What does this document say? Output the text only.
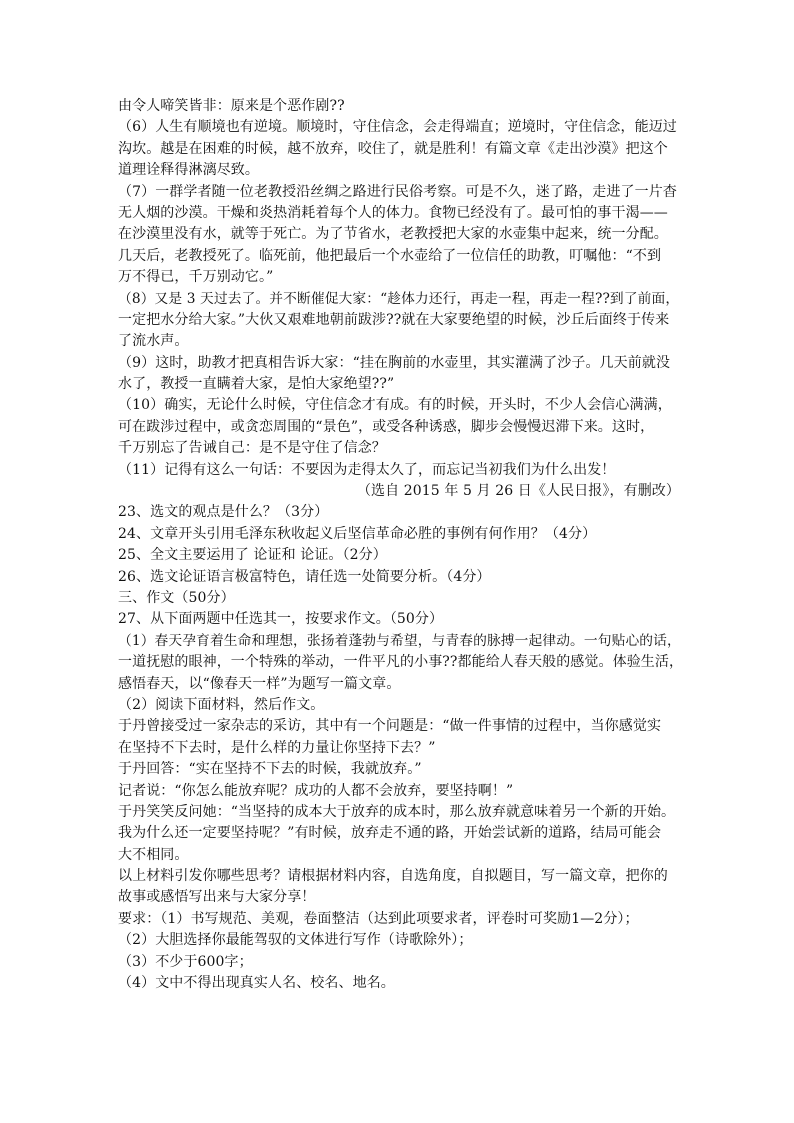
由令人啼笑皆非：原来是个恶作剧??
（6）人生有顺境也有逆境。顺境时，守住信念，会走得端直；逆境时，守住信念，能迈过
沟坎。越是在困难的时候，越不放弃，咬住了，就是胜利！有篇文章《走出沙漠》把这个
道理诠释得淋漓尽致。
（7）一群学者随一位老教授沿丝绸之路进行民俗考察。可是不久，迷了路，走进了一片杳
无人烟的沙漠。干燥和炎热消耗着每个人的体力。食物已经没有了。最可怕的事干渴——
在沙漠里没有水，就等于死亡。为了节省水，老教授把大家的水壶集中起来，统一分配。
几天后，老教授死了。临死前，他把最后一个水壶给了一位信任的助教，叮嘱他：“不到
万不得已，千万别动它。”
（8）又是 3 天过去了。并不断催促大家：“趁体力还行，再走一程，再走一程??到了前面，
一定把水分给大家。”大伙又艰难地朝前跋涉??就在大家要绝望的时候，沙丘后面终于传来
了流水声。
（9）这时，助教才把真相告诉大家：“挂在胸前的水壶里，其实灌满了沙子。几天前就没
水了，教授一直瞒着大家，是怕大家绝望??”
（10）确实，无论什么时候，守住信念才有成。有的时候，开头时，不少人会信心满满，
可在跋涉过程中，或贪恋周围的“景色”，或受各种诱惑，脚步会慢慢迟滞下来。这时，
千万别忘了告诫自己：是不是守住了信念？
（11）记得有这么一句话：不要因为走得太久了，而忘记当初我们为什么出发！
（选自 2015 年 5 月 26 日《人民日报》，有删改）
23、选文的观点是什么？（3分）
24、文章开头引用毛泽东秋收起义后坚信革命必胜的事例有何作用？（4分）
25、全文主要运用了 论证和 论证。（2分）
26、选文论证语言极富特色，请任选一处简要分析。（4分）
三、作文（50分）
27、从下面两题中任选其一，按要求作文。（50分）
（1）春天孕育着生命和理想，张扬着蓬勃与希望，与青春的脉搏一起律动。一句贴心的话，
一道抚慰的眼神，一个特殊的举动，一件平凡的小事??都能给人春天般的感觉。体验生活，
感悟春天，以“像春天一样”为题写一篇文章。
（2）阅读下面材料，然后作文。
于丹曾接受过一家杂志的采访，其中有一个问题是：“做一件事情的过程中，当你感觉实
在坚持不下去时，是什么样的力量让你坚持下去？”
于丹回答：“实在坚持不下去的时候，我就放弃。”
记者说：“你怎么能放弃呢？成功的人都不会放弃，要坚持啊！”
于丹笑笑反问她：“当坚持的成本大于放弃的成本时，那么放弃就意味着另一个新的开始。
我为什么还一定要坚持呢？”有时候，放弃走不通的路，开始尝试新的道路，结局可能会
大不相同。
以上材料引发你哪些思考？请根据材料内容，自选角度，自拟题目，写一篇文章，把你的
故事或感悟写出来与大家分享！
要求：（1）书写规范、美观，卷面整洁（达到此项要求者，评卷时可奖励1—2分）；
（2）大胆选择你最能驾驭的文体进行写作（诗歌除外）；
（3）不少于600字；
（4）文中不得出现真实人名、校名、地名。
